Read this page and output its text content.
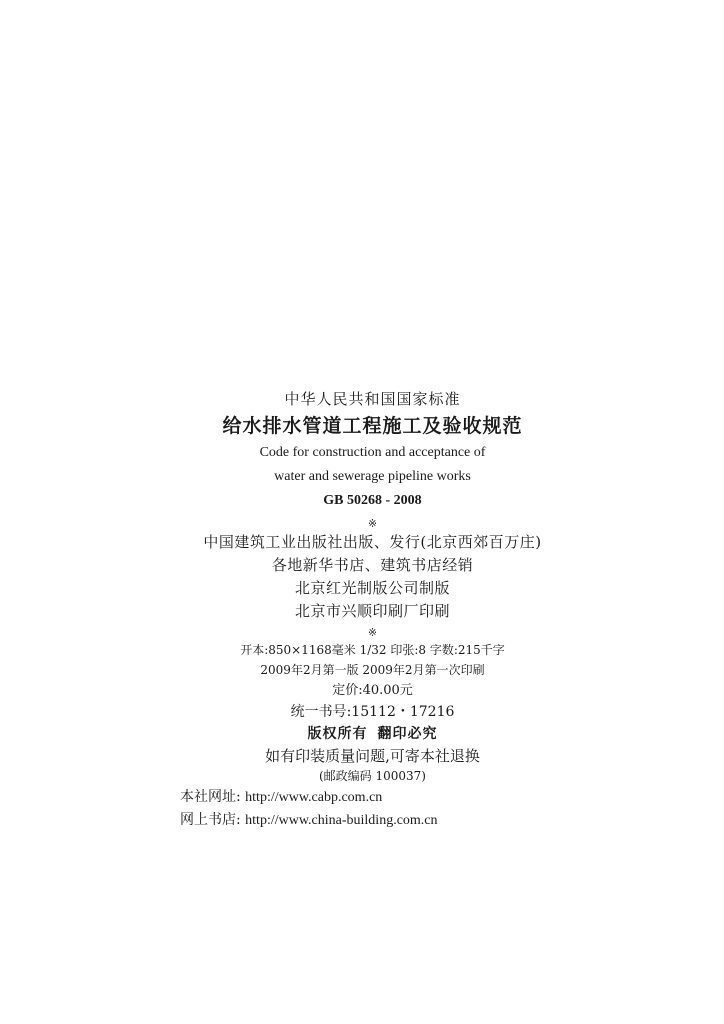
中华人民共和国国家标准
给水排水管道工程施工及验收规范
Code for construction and acceptance of
water and sewerage pipeline works
GB 50268 - 2008
※
中国建筑工业出版社出版、发行(北京西郊百万庄)
各地新华书店、建筑书店经销
北京红光制版公司制版
北京市兴顺印刷厂印刷
※
开本:850×1168毫米 1/32 印张:8 字数:215千字
2009年2月第一版 2009年2月第一次印刷
定价:40.00元
统一书号:15112・17216
版权所有 翻印必究
如有印装质量问题,可寄本社退换
(邮政编码 100037)
本社网址: http://www.cabp.com.cn
网上书店: http://www.china-building.com.cn
